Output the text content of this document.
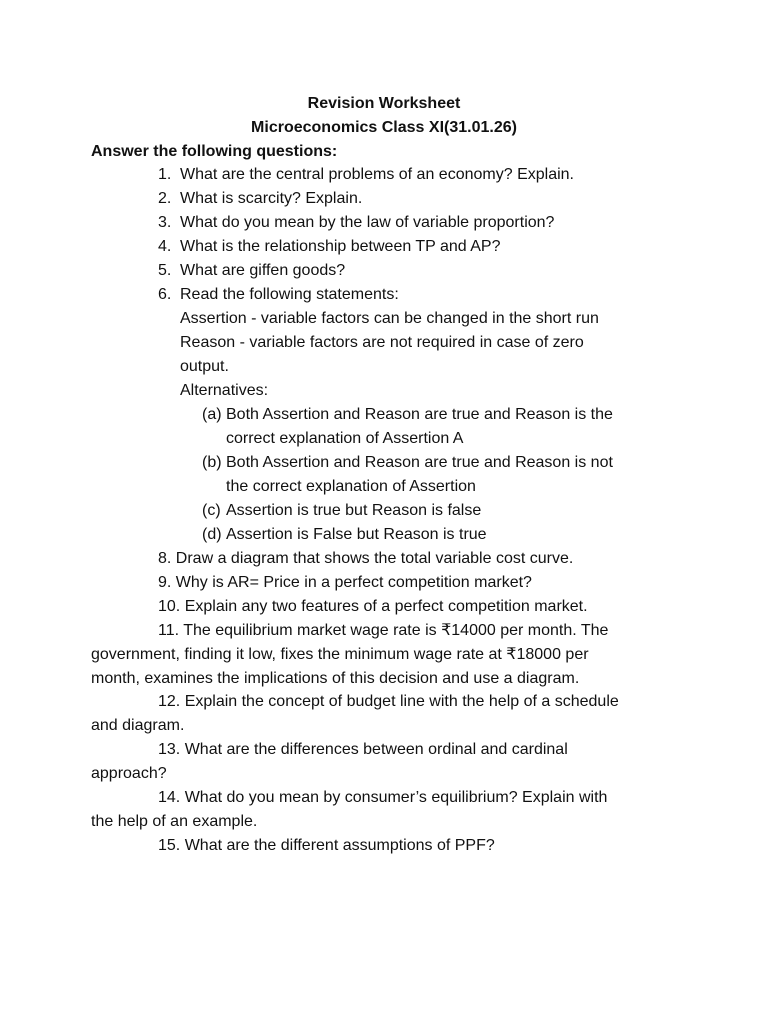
Revision Worksheet
Microeconomics Class XI(31.01.26)
Answer the following questions:
1. What are the central problems of an economy? Explain.
2. What is scarcity? Explain.
3. What do you mean by the law of variable proportion?
4. What is the relationship between TP and AP?
5. What are giffen goods?
6. Read the following statements:
Assertion - variable factors can be changed in the short run
Reason - variable factors are not required in case of zero
output.
Alternatives:
(a) Both Assertion and Reason are true and Reason is the
correct explanation of Assertion A
(b) Both Assertion and Reason are true and Reason is not
the correct explanation of Assertion
(c) Assertion is true but Reason is false
(d) Assertion is False but Reason is true
8. Draw a diagram that shows the total variable cost curve.
9. Why is AR= Price in a perfect competition market?
10. Explain any two features of a perfect competition market.
11. The equilibrium market wage rate is ₹14000 per month. The
government, finding it low, fixes the minimum wage rate at ₹18000 per
month, examines the implications of this decision and use a diagram.
12. Explain the concept of budget line with the help of a schedule
and diagram.
13. What are the differences between ordinal and cardinal
approach?
14. What do you mean by consumer’s equilibrium? Explain with
the help of an example.
15. What are the different assumptions of PPF?
